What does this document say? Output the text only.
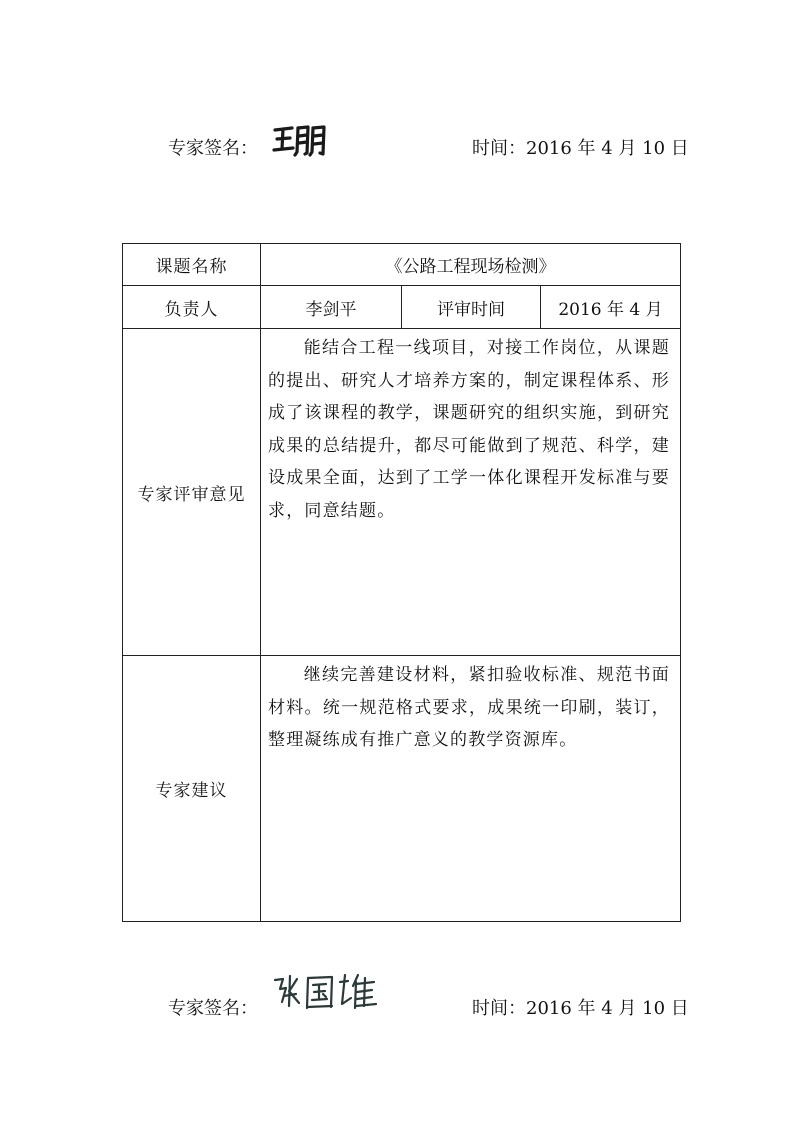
专家签名：	时间：2016 年 4 月 10 日
课题名称	《公路工程现场检测》		
负责人	李剑平	评审时间	2016 年 4 月
专家评审意见	能结合工程一线项目，对接工作岗位，从课题的提出、研究人才培养方案的，制定课程体系、形成了该课程的教学，课题研究的组织实施，到研究成果的总结提升，都尽可能做到了规范、科学，建设成果全面，达到了工学一体化课程开发标准与要求，同意结题。		

专家建议	继续完善建设材料，紧扣验收标准、规范书面材料。统一规范格式要求，成果统一印刷，装订，整理凝练成有推广意义的教学资源库。		
专家签名：	时间：2016 年 4 月 10 日
